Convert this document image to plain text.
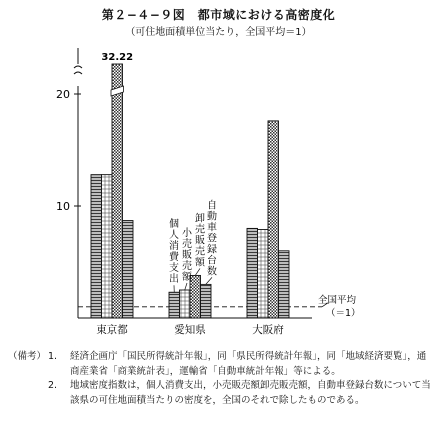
第２−４−９図　都市域における高密度化
（可住地面積単位当たり，全国平均＝1）
10
20
全国平均
（＝1）
東京都	愛知県	大阪府
32.22
個人消費支出
小売販売額
卸売販売額
自動車登録台数
（備考） 1. 経済企画庁「国民所得統計年報」，同「県民所得統計年報」，同「地域経済要覧」，通商産業省「商業統計表」，運輸省「自動車統計年報」等による。
2. 地域密度指数は，個人消費支出，小売販売額卸売販売額，自動車登録台数について当該県の可住地面積当たりの密度を，全国のそれで除したものである。
